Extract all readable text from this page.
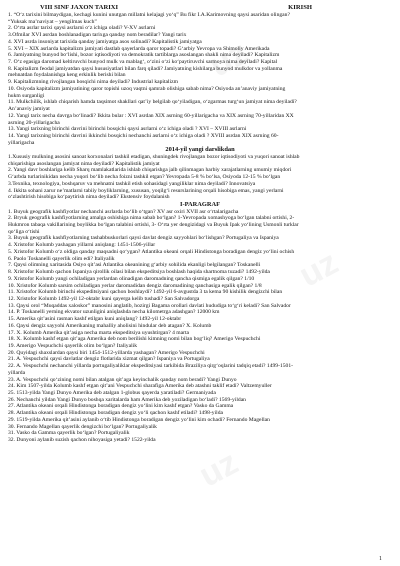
VIII SINF JAXON TARIXI	KIRISH
1. “O‘z tarixini bilmaydigan, kechagi kunini unutgan millatni kelajagi yo‘q” Bu fikr I.A.Karimovning qaysi asaridan olingan?
“Yuksak ma’naviyat – yengilmas kuch”
2. O‘rta asrlar tarixi qaysi asrlarni o‘z ichiga oladi? V-XV asrlarni
3.Ofmilar XVI asrdan boshlanadigan tarixga qanday nom beradilar? Yangi tarix
4. XVI asrda insoniyat tarixida qanday jamiyatga asos solinadi? Kapitalistik jamiyatga
5. XVI – XIX asrlarda kapitalizm jamiyati dastlab qayerlarda qaror topadi? G‘arbiy Yevropa va Shimoliy Amerikada
6. Jamiyatning bunyod bo‘lishi, bozor iqtisodiyoti va demokratik tartiblarga asoslangan shakli nima deyiladi? Kapitalizm
7. O‘z egasiga daromad keltiruvchi bunyod mulk va mablag‘, o‘zini o‘zi ko‘paytiruvchi sarmoya nima deyiladi? Kapital
8. Kapitalizm feodal jamiyatdan qaysi hususiyatlari bilan farq qiladi? Jamiyatning kishilarga bunyod mulkdor va yollanma
mehnatdan foydalanishga keng erkinlik berishi bilan
9. Kapitalizmning rivojlangan bosqichi nima deyiladi? Industrial kapitalizm
10. Osiyoda kapitalizm jamiyatining qaror topishi uzoq vaqtni qamrab olishiga sabab nima? Osiyoda an’anaviy jamiyatning
hukm surganligi
11. Mulkchilik, ishlab chiqarish hamda taqsimot shakllari qat’iy belgilab qo‘yiladigan, o‘zgarmas turg‘un jamiyat nima deyiladi?
An’anaviy jamiyat
12. Yangi tarix necha davrga bo‘linadi? Ikkita bular : XVI asrdan XIX asrning 60-yillarigacha va XIX asrning 70-yillaridan XX
asrning 20-yillarigacha
13. Yangi tarixning birinchi davrini birinchi bosqichi qaysi asrlarni o‘z ichiga oladi ? XVI – XVIII asrlarni
14. Yangi tarixning birinchi davrini ikkinchi bosqichi nechanchi asrlarni o‘z ichiga oladi ? XVIII asrdan XIX asrning 60-
yillarigacha
2014-yil yangi darslikdan
1.Xususiy mulkning asosini sanoat korxonalari tashkil etadigan, shuningdek rivojlangan bozor iqtisodiyoti va yuqori sanoat ishlab
chiqarishiga asoslangan jamiyat nima deyiladi? Kapitalistik jamiyat
2. Yangi davr boshlariga kelib Sharq mamlakatlarida ishlab chiqarishga jalb qilinmagan harbiy xarajatlarning umumiy miqdori
G‘arbda turlarinikidan necha yuqori bo‘lib necha foizni tashkil etgan? Yevropada 5-8 % bo‘lsa, Osiyoda 12-15 % bo‘lgan
3.Texnika, texnologiya, boshqaruv va mehnatni tashkil etish sohasidagi yangiliklar nima deyiladi? Innovatsiya
4. Ikkita sohani zarur ne’matlarni tabiiy boyliklarning, xususan, yoqilg‘i resurslarining orqali hisobiga emas, yangi yerlarni
o‘zlashtirish hisobiga ko‘paytirish nima deyiladi? Ekstensiv foydalanish
I-PARAGRAF
1. Buyuk geografik kashfiyotlar nechanchi asrlarda bo‘lib o‘tgan? XV asr oxiri XVII asr o‘rtalarigacha
2. Bryuk geografik kashfiyotlarning amalga oshishiga nima sabab bo‘lgan? 1-Yevropada xomashyoga bo‘lgan talabni ortishi, 2-
Hukmron tabaqa vakillarining boylikka bo‘lgan talabini ortishi, 3- O‘rta yer dengizidagi va Buyuk Ipak yo‘lining Usmonli turklar
qo‘liga o‘tishi
3. Buyuk geografik kashfiyotlarning tashabbuskorlari qaysi davlat dengiz sayyohlari bo‘lishgan? Portugaliya va Ispaniya
4. Xristofor Kolumb yashagan yillarni aniqlang: 1451-1506-yillar
5. Xristofor Kolumb o‘z oldiga qanday maqsadni qo‘ygan? Atlantika okeani orqali Hindistonga boradigan dengiz yo‘lini ochish
6. Paolo Toskanelli qayerlik olim edi? Italiyalik
7. Qaysi olimning xaritasida Osiyo qit’asi Atlantika okeanining g‘arbiy sohilida ekanligi belgilangan? Toskanelli
8. Xristofor Kolumb qachon Ispaniya qirollik oilasi bilan ekspeditsiya boshlash haqida shartnoma tuzadi? 1492-yilda
9. Xristofor Kolumb yangi ochiladigan yerlardan olinadigan daromadning qancha qismiga egalik qilgan? 1/10
10. Xristofor Kolumb sarsim ochiladigan yerlar daromadidan dengiz daromadining qanchasiga egalik qilgan? 1/8
11. Xristofor Kolumb birinchi ekspeditsiyani qachon boshlaydi? 1492-yil 6-avgustda 3 ta kema 90 kishilik dengizchi bilan
12. Xristofor Kolumb 1492-yil 12-oktabr kuni qayerga kelib tushadi? San Salvadorga
13. Qaysi orol “Muqaddas xaloskor” manosini anglatib, hozirgi Bagama orollari davlati hududiga to‘g‘ri keladi? San Salvador
14. P. Toskanelli yerning ekvator uzunligini aniqlashda necha kilometrga adashgan? 12000 km
15. Amerika qit’asini rasman kashf etilgan kuni aniqlang? 1492-yil 12-oktabr
16. Qaysi dengiz sayyohi Amerikaning mahalliy aholisini hindular deb atagan? X. Kolumb
17. X. Kolumb Amerika qit’asiga necha marta ekspeditsiya uyushtirgan? 4 marta
18. X. Kolumb kashf etgan qit’aga Amerika deb nom berilishi kimning nomi bilan bog‘liq? Amerigo Vespuchchi
19. Amerigo Vespuchchi qayerlik olim bo‘lgan? Italiyalik
20. Quyidagi shaxslardan qaysi biri 1454-1512-yillarda yashagan? Amerigo Vespuchchi
21. A. Vespuchchi qaysi davlatlar dengiz flotlarida xizmat qilgan? Ispaniya va Portugaliya
22. A. Vespuchchi nechanchi yillarda portugaliyaliklar ekspeditsiyasi tarkibida Braziliya qirg‘oqlarini tadqiq etadi? 1499-1501-
yillarda
23. A. Vespuchchi qo‘zining nomi bilan atalgan qit’aga keyinchalik qanday nom beradi? Yangi Dunyo
24. Kim 1507-yilda Kolumb kashf etgan qit’ani Vespuchchi sharafiga Amerika deb atashni taklif etadi? Valtzemyuller
25. 1513-yilda Yangi Dunyo Amerika deb atalgan 1-globus qayerda yaratiladi? Germaniyada
26. Nechanchi yildan Yangi Dunyo boshqa xaritalarda ham Amerika deb yoziladigan bo‘ladi? 1569-yildan
27. Atlantika okeani orqali Hindistonga boradigan dengiz yo‘lini kim kashf etgan? Vasko da Gamma
28. Atlantika okeani orqali Hindistonga boradigan dengiz yo‘li qachon kashf etiladi? 1498-yilda
29. 1519-yilda Amerika qit’asini aylanib o‘tib Hindistonga boradigan dengiz yo‘lini kim ochadi? Fernando Magellan
30. Fernando Magellan qayerlik dengizchi bo‘lgan? Portugaliyalik
31. Vasko da Gamma qayerlik bo‘lgan? Portugaliyalik
32. Dunyoni aylanib suzish qachon nihoyasiga yetadi? 1522-yilda
uz
uz
uz
1
